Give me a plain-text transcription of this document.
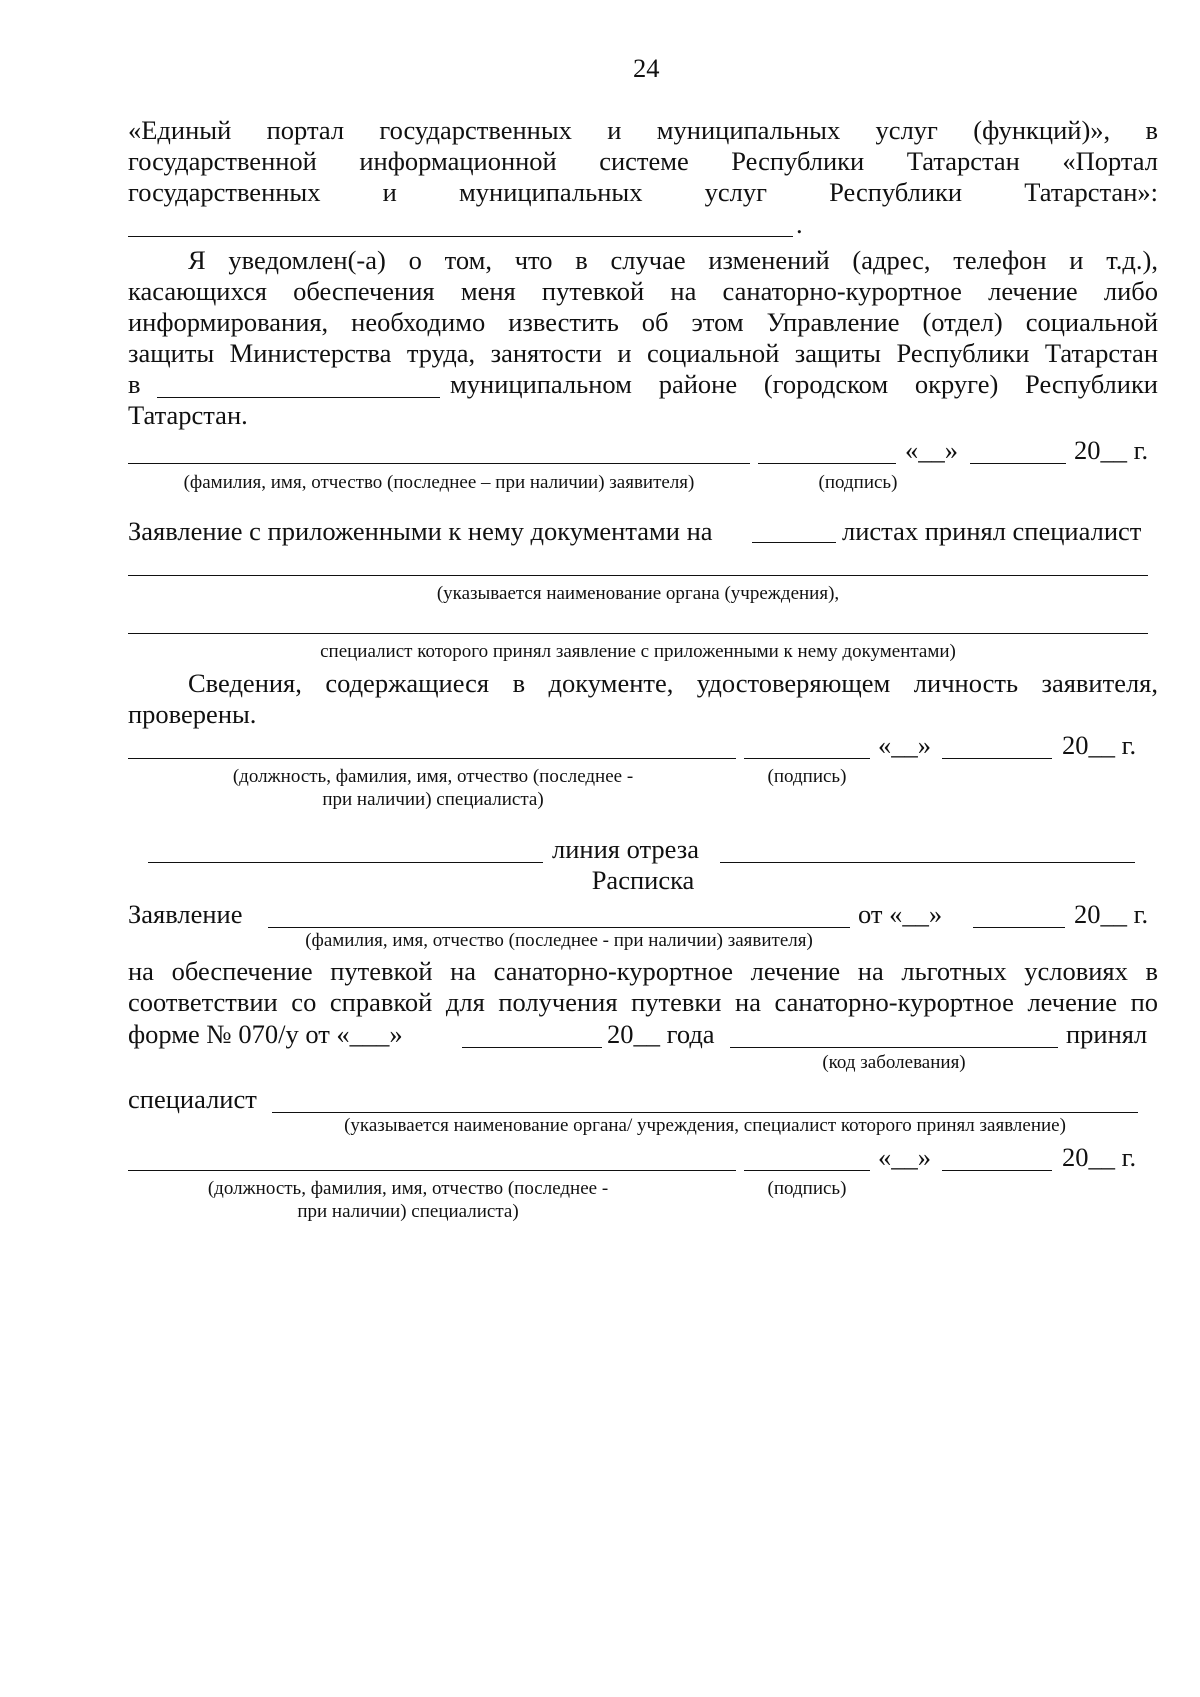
24
«Единый портал государственных и муниципальных услуг (функций)», в
государственной информационной системе Республики Татарстан «Портал
государственных и муниципальных услуг Республики Татарстан»:
.
Я уведомлен(-а) о том, что в случае изменений (адрес, телефон и т.д.),
касающихся обеспечения меня путевкой на санаторно-курортное лечение либо
информирования, необходимо известить об этом Управление (отдел) социальной
защиты Министерства труда, занятости и социальной защиты Республики Татарстан
в	муниципальном районе (городском округе) Республики
Татарстан.
«__»	20__ г.
(фамилия, имя, отчество (последнее – при наличии) заявителя)	(подпись)
Заявление с приложенными к нему документами на	листах принял специалист
(указывается наименование органа (учреждения),
специалист которого принял заявление с приложенными к нему документами)
Сведения, содержащиеся в документе, удостоверяющем личность заявителя,
проверены.
«__»	20__ г.
(должность, фамилия, имя, отчество (последнее -
при наличии) специалиста)
(подпись)
линия отреза
Расписка
Заявление	от «__»	20__ г.
(фамилия, имя, отчество (последнее - при наличии) заявителя)
на обеспечение путевкой на санаторно-курортное лечение на льготных условиях в
соответствии со справкой для получения путевки на санаторно-курортное лечение по
форме № 070/у от «___»	20__ года	принял
(код заболевания)
специалист
(указывается наименование органа/ учреждения, специалист которого принял заявление)
«__»	20__ г.
(должность, фамилия, имя, отчество (последнее -
при наличии) специалиста)
(подпись)
